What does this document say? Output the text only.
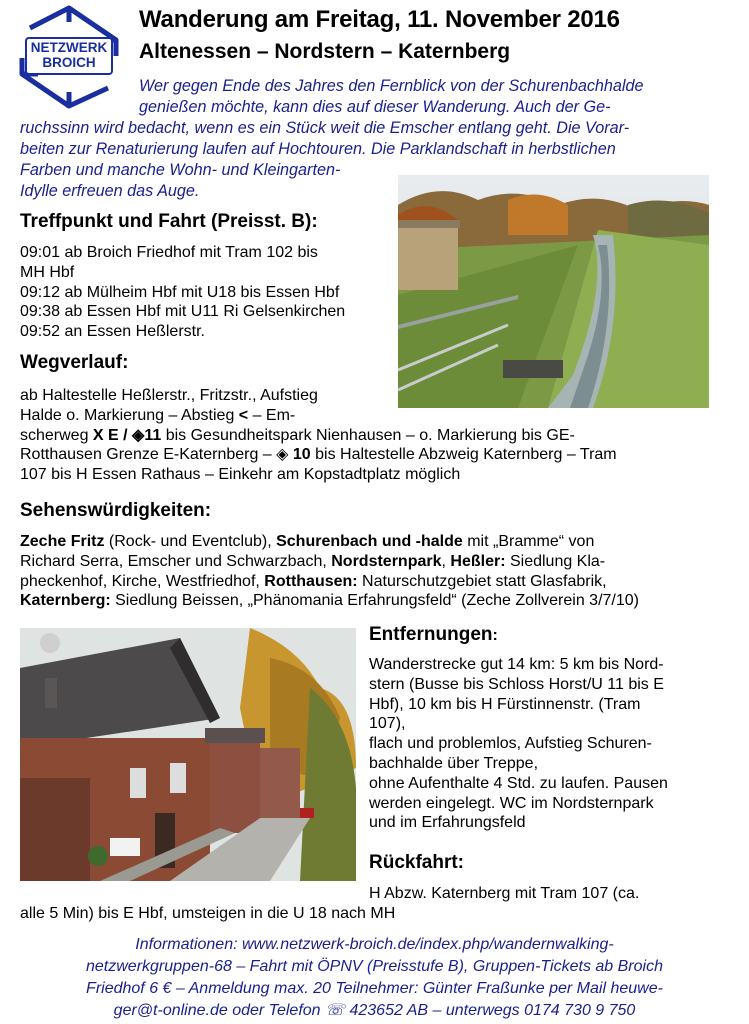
NETZWERK
BROICH
Wanderung am Freitag, 11. November 2016
Altenessen – Nordstern – Katernberg
Wer gegen Ende des Jahres den Fernblick von der Schurenbachhalde
genießen möchte, kann dies auf dieser Wanderung. Auch der Ge-
ruchssinn wird bedacht, wenn es ein Stück weit die Emscher entlang geht. Die Vorar-
beiten zur Renaturierung laufen auf Hochtouren. Die Parklandschaft in herbstlichen
Farben und manche Wohn- und Kleingarten-
Idylle erfreuen das Auge.
Treffpunkt und Fahrt (Preisst. B):
09:01 ab Broich Friedhof mit Tram 102 bis
MH Hbf
09:12 ab Mülheim Hbf mit U18 bis Essen Hbf
09:38 ab Essen Hbf mit U11 Ri Gelsenkirchen
09:52 an Essen Heßlerstr.
Wegverlauf:
ab Haltestelle Heßlerstr., Fritzstr., Aufstieg
Halde o. Markierung – Abstieg < – Em-
scherweg X E / ◈11 bis Gesundheitspark Nienhausen – o. Markierung bis GE-
Rotthausen Grenze E-Katernberg – ◈ 10 bis Haltestelle Abzweig Katernberg – Tram
107 bis H Essen Rathaus – Einkehr am Kopstadtplatz möglich
Sehenswürdigkeiten:
Zeche Fritz (Rock- und Eventclub), Schurenbach und -halde mit „Bramme“ von
Richard Serra, Emscher und Schwarzbach, Nordsternpark, Heßler: Siedlung Kla-
pheckenhof, Kirche, Westfriedhof, Rotthausen: Naturschutzgebiet statt Glasfabrik,
Katernberg: Siedlung Beissen, „Phänomania Erfahrungsfeld“ (Zeche Zollverein 3/7/10)
Entfernungen:
Wanderstrecke gut 14 km: 5 km bis Nord-
stern (Busse bis Schloss Horst/U 11 bis E
Hbf), 10 km bis H Fürstinnenstr. (Tram
107),
flach und problemlos, Aufstieg Schuren-
bachhalde über Treppe,
ohne Aufenthalte 4 Std. zu laufen. Pausen
werden eingelegt. WC im Nordsternpark
und im Erfahrungsfeld
Rückfahrt:
H Abzw. Katernberg mit Tram 107 (ca.
alle 5 Min) bis E Hbf, umsteigen in die U 18 nach MH
Informationen: www.netzwerk-broich.de/index.php/wandernwalking-
netzwerkgruppen-68 – Fahrt mit ÖPNV (Preisstufe B), Gruppen-Tickets ab Broich
Friedhof 6 € – Anmeldung max. 20 Teilnehmer: Günter Fraßunke per Mail heuwe-
ger@t-online.de oder Telefon ☏ 423652 AB – unterwegs 0174 730 9 750
